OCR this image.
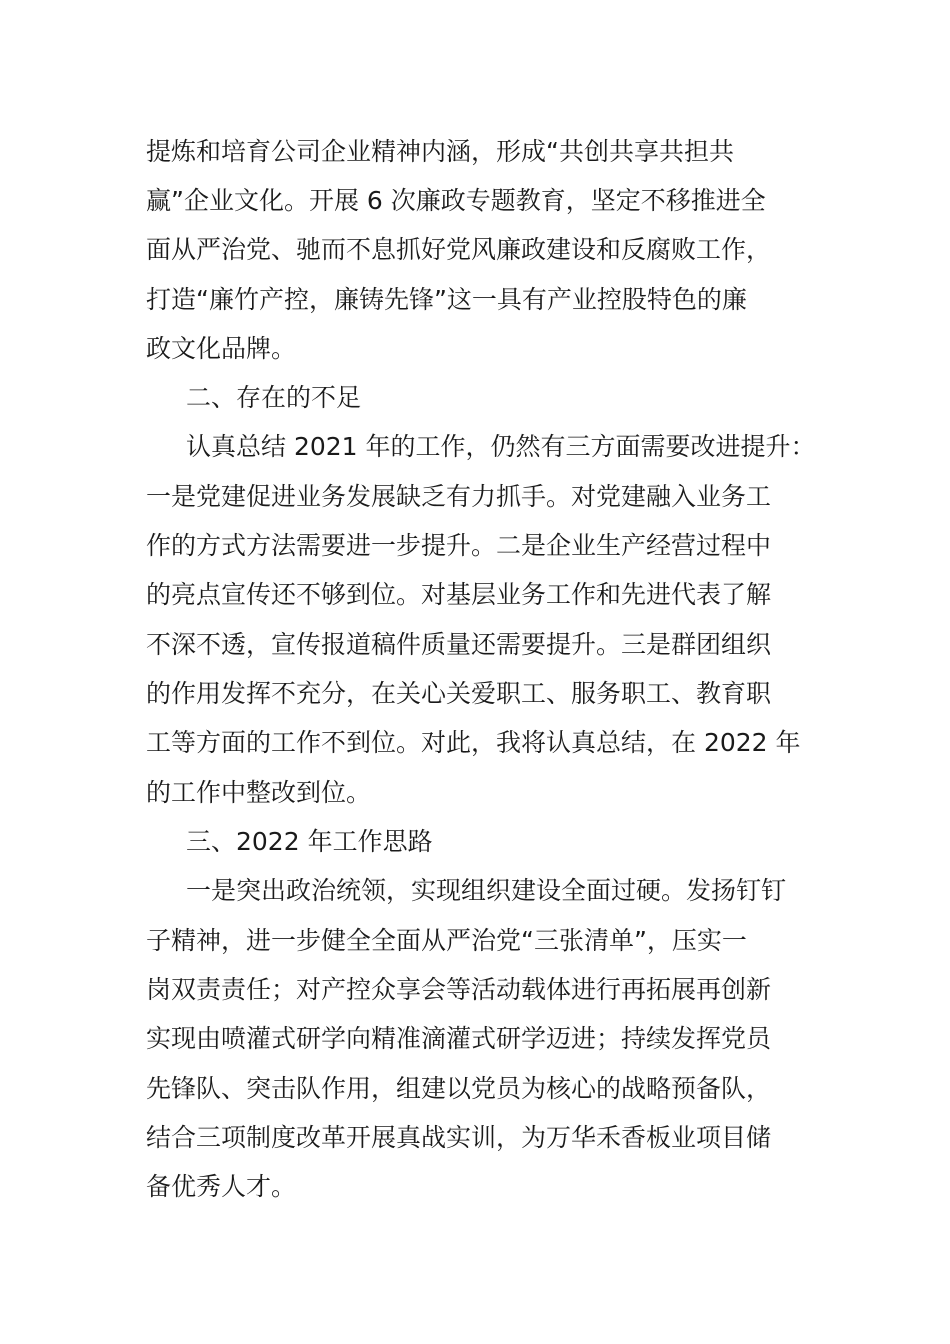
提炼和培育公司企业精神内涵，形成“共创共享共担共

赢”企业文化。开展 6 次廉政专题教育，坚定不移推进全

面从严治党、驰而不息抓好党风廉政建设和反腐败工作，

打造“廉竹产控，廉铸先锋”这一具有产业控股特色的廉

政文化品牌。

二、存在的不足

认真总结 2021 年的工作，仍然有三方面需要改进提升：

一是党建促进业务发展缺乏有力抓手。对党建融入业务工

作的方式方法需要进一步提升。二是企业生产经营过程中

的亮点宣传还不够到位。对基层业务工作和先进代表了解

不深不透，宣传报道稿件质量还需要提升。三是群团组织

的作用发挥不充分，在关心关爱职工、服务职工、教育职

工等方面的工作不到位。对此，我将认真总结，在 2022 年

的工作中整改到位。

三、2022 年工作思路

一是突出政治统领，实现组织建设全面过硬。发扬钉钉

子精神，进一步健全全面从严治党“三张清单”，压实一

岗双责责任；对产控众享会等活动载体进行再拓展再创新

实现由喷灌式研学向精准滴灌式研学迈进；持续发挥党员

先锋队、突击队作用，组建以党员为核心的战略预备队，

结合三项制度改革开展真战实训，为万华禾香板业项目储

备优秀人才。
